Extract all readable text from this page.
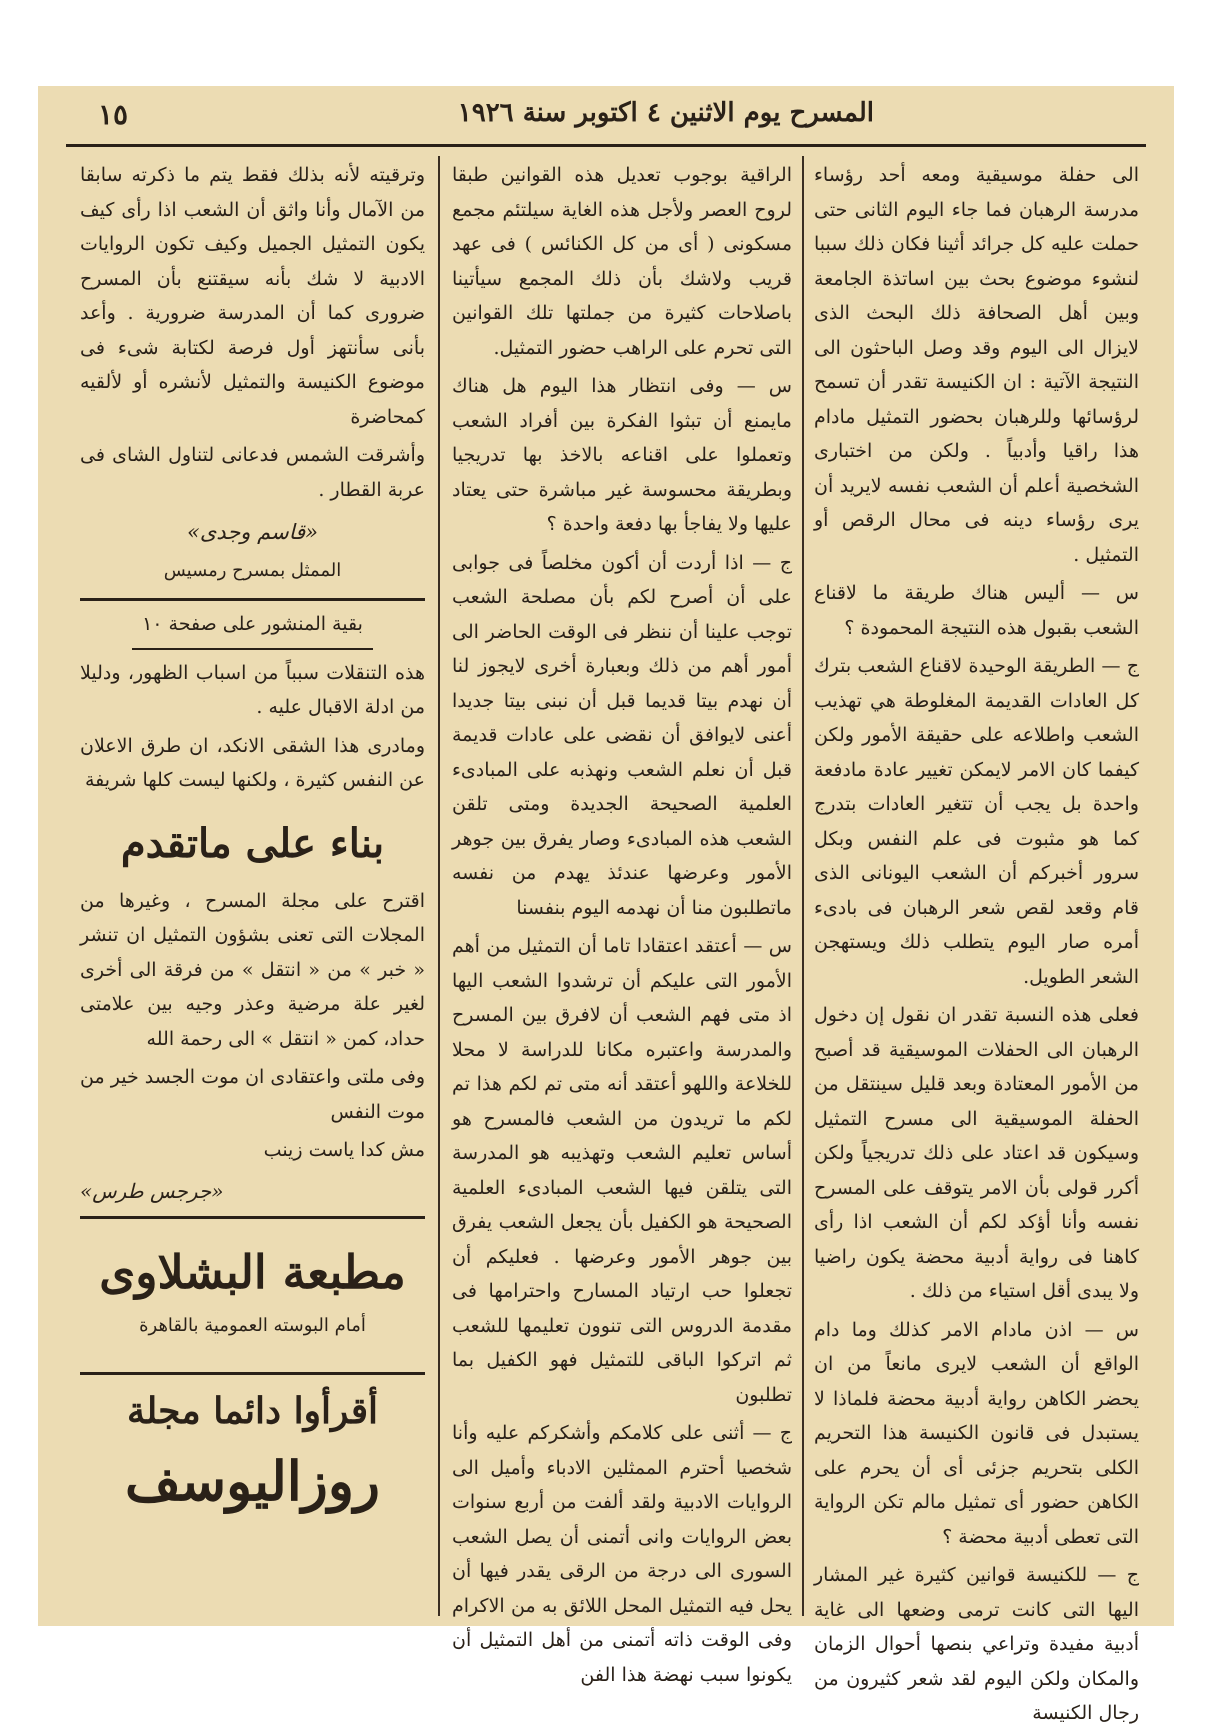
١٥	المسرح يوم الاثنين ٤ اكتوبر سنة ١٩٢٦

الى حفلة موسيقية ومعه أحد رؤساء مدرسة الرهبان فما جاء اليوم الثانى حتى حملت عليه كل جرائد أثينا فكان ذلك سببا لنشوء موضوع بحث بين اساتذة الجامعة وبين أهل الصحافة ذلك البحث الذى لايزال الى اليوم وقد وصل الباحثون الى النتيجة الآتية : ان الكنيسة تقدر أن تسمح لرؤسائها وللرهبان بحضور التمثيل مادام هذا راقيا وأدبياً . ولكن من اختبارى الشخصية أعلم أن الشعب نفسه لايريد أن يرى رؤساء دينه فى محال الرقص أو التمثيل .

س — أليس هناك طريقة ما لاقناع الشعب بقبول هذه النتيجة المحمودة ؟

ج — الطريقة الوحيدة لاقناع الشعب بترك كل العادات القديمة المغلوطة هي تهذيب الشعب واطلاعه على حقيقة الأمور ولكن كيفما كان الامر لايمكن تغيير عادة مادفعة واحدة بل يجب أن تتغير العادات بتدرج كما هو مثبوت فى علم النفس وبكل سرور أخبركم أن الشعب اليونانى الذى قام وقعد لقص شعر الرهبان فى بادىء أمره صار اليوم يتطلب ذلك ويستهجن الشعر الطويل.

فعلى هذه النسبة تقدر ان نقول إن دخول الرهبان الى الحفلات الموسيقية قد أصبح من الأمور المعتادة وبعد قليل سينتقل من الحفلة الموسيقية الى مسرح التمثيل وسيكون قد اعتاد على ذلك تدريجياً ولكن أكرر قولى بأن الامر يتوقف على المسرح نفسه وأنا أؤكد لكم أن الشعب اذا رأى كاهنا فى رواية أدبية محضة يكون راضيا ولا يبدى أقل استياء من ذلك .

س — اذن مادام الامر كذلك وما دام الواقع أن الشعب لايرى مانعاً من ان يحضر الكاهن رواية أدبية محضة فلماذا لا يستبدل فى قانون الكنيسة هذا التحريم الكلى بتحريم جزئى أى أن يحرم على الكاهن حضور أى تمثيل مالم تكن الرواية التى تعطى أدبية محضة ؟

ج — للكنيسة قوانين كثيرة غير المشار اليها التى كانت ترمى وضعها الى غاية أدبية مفيدة وتراعي بنصها أحوال الزمان والمكان ولكن اليوم لقد شعر كثيرون من رجال الكنيسة

الراقية بوجوب تعديل هذه القوانين طبقا لروح العصر ولأجل هذه الغاية سيلتئم مجمع مسكونى ( أى من كل الكنائس ) فى عهد قريب ولاشك بأن ذلك المجمع سيأتينا باصلاحات كثيرة من جملتها تلك القوانين التى تحرم على الراهب حضور التمثيل.

س — وفى انتظار هذا اليوم هل هناك مايمنع أن تبثوا الفكرة بين أفراد الشعب وتعملوا على اقناعه بالاخذ بها تدريجيا وبطريقة محسوسة غير مباشرة حتى يعتاد عليها ولا يفاجأ بها دفعة واحدة ؟

ج — اذا أردت أن أكون مخلصاً فى جوابى على أن أصرح لكم بأن مصلحة الشعب توجب علينا أن ننظر فى الوقت الحاضر الى أمور أهم من ذلك وبعبارة أخرى لايجوز لنا أن نهدم بيتا قديما قبل أن نبنى بيتا جديدا أعنى لايوافق أن نقضى على عادات قديمة قبل أن نعلم الشعب ونهذبه على المبادىء العلمية الصحيحة الجديدة ومتى تلقن الشعب هذه المبادىء وصار يفرق بين جوهر الأمور وعرضها عندئذ يهدم من نفسه ماتطلبون منا أن نهدمه اليوم بنفسنا

س — أعتقد اعتقادا تاما أن التمثيل من أهم الأمور التى عليكم أن ترشدوا الشعب اليها اذ متى فهم الشعب أن لافرق بين المسرح والمدرسة واعتبره مكانا للدراسة لا محلا للخلاعة واللهو أعتقد أنه متى تم لكم هذا تم لكم ما تريدون من الشعب فالمسرح هو أساس تعليم الشعب وتهذيبه هو المدرسة التى يتلقن فيها الشعب المبادىء العلمية الصحيحة هو الكفيل بأن يجعل الشعب يفرق بين جوهر الأمور وعرضها . فعليكم أن تجعلوا حب ارتياد المسارح واحترامها فى مقدمة الدروس التى تنوون تعليمها للشعب ثم اتركوا الباقى للتمثيل فهو الكفيل بما تطلبون

ج — أثنى على كلامكم وأشكركم عليه وأنا شخصيا أحترم الممثلين الادباء وأميل الى الروايات الادبية ولقد ألفت من أربع سنوات بعض الروايات وانى أتمنى أن يصل الشعب السورى الى درجة من الرقى يقدر فيها أن يحل فيه التمثيل المحل اللائق به من الاكرام وفى الوقت ذاته أتمنى من أهل التمثيل أن يكونوا سبب نهضة هذا الفن

وترقيته لأنه بذلك فقط يتم ما ذكرته سابقا من الآمال وأنا واثق أن الشعب اذا رأى كيف يكون التمثيل الجميل وكيف تكون الروايات الادبية لا شك بأنه سيقتنع بأن المسرح ضرورى كما أن المدرسة ضرورية . وأعد بأنى سأنتهز أول فرصة لكتابة شىء فى موضوع الكنيسة والتمثيل لأنشره أو لألقيه كمحاضرة

وأشرقت الشمس فدعانى لتناول الشاى فى عربة القطار .

«قاسم وجدى»
الممثل بمسرح رمسيس
بقية المنشور على صفحة ١٠

هذه التنقلات سبباً من اسباب الظهور، ودليلا من ادلة الاقبال عليه .

ومادرى هذا الشقى الانكد، ان طرق الاعلان عن النفس كثيرة ، ولكنها ليست كلها شريفة

بناء على ماتقدم

اقترح على مجلة المسرح ، وغيرها من المجلات التى تعنى بشؤون التمثيل ان تنشر « خبر » من « انتقل » من فرقة الى أخرى لغير علة مرضية وعذر وجيه بين علامتى حداد، كمن « انتقل » الى رحمة الله

وفى ملتى واعتقادى ان موت الجسد خير من موت النفس

مش كدا ياست زينب

«جرجس طرس»
مطبعة البشلاوى
أمام البوسته العمومية بالقاهرة
أقرأوا دائما مجلة
روزاليوسف
